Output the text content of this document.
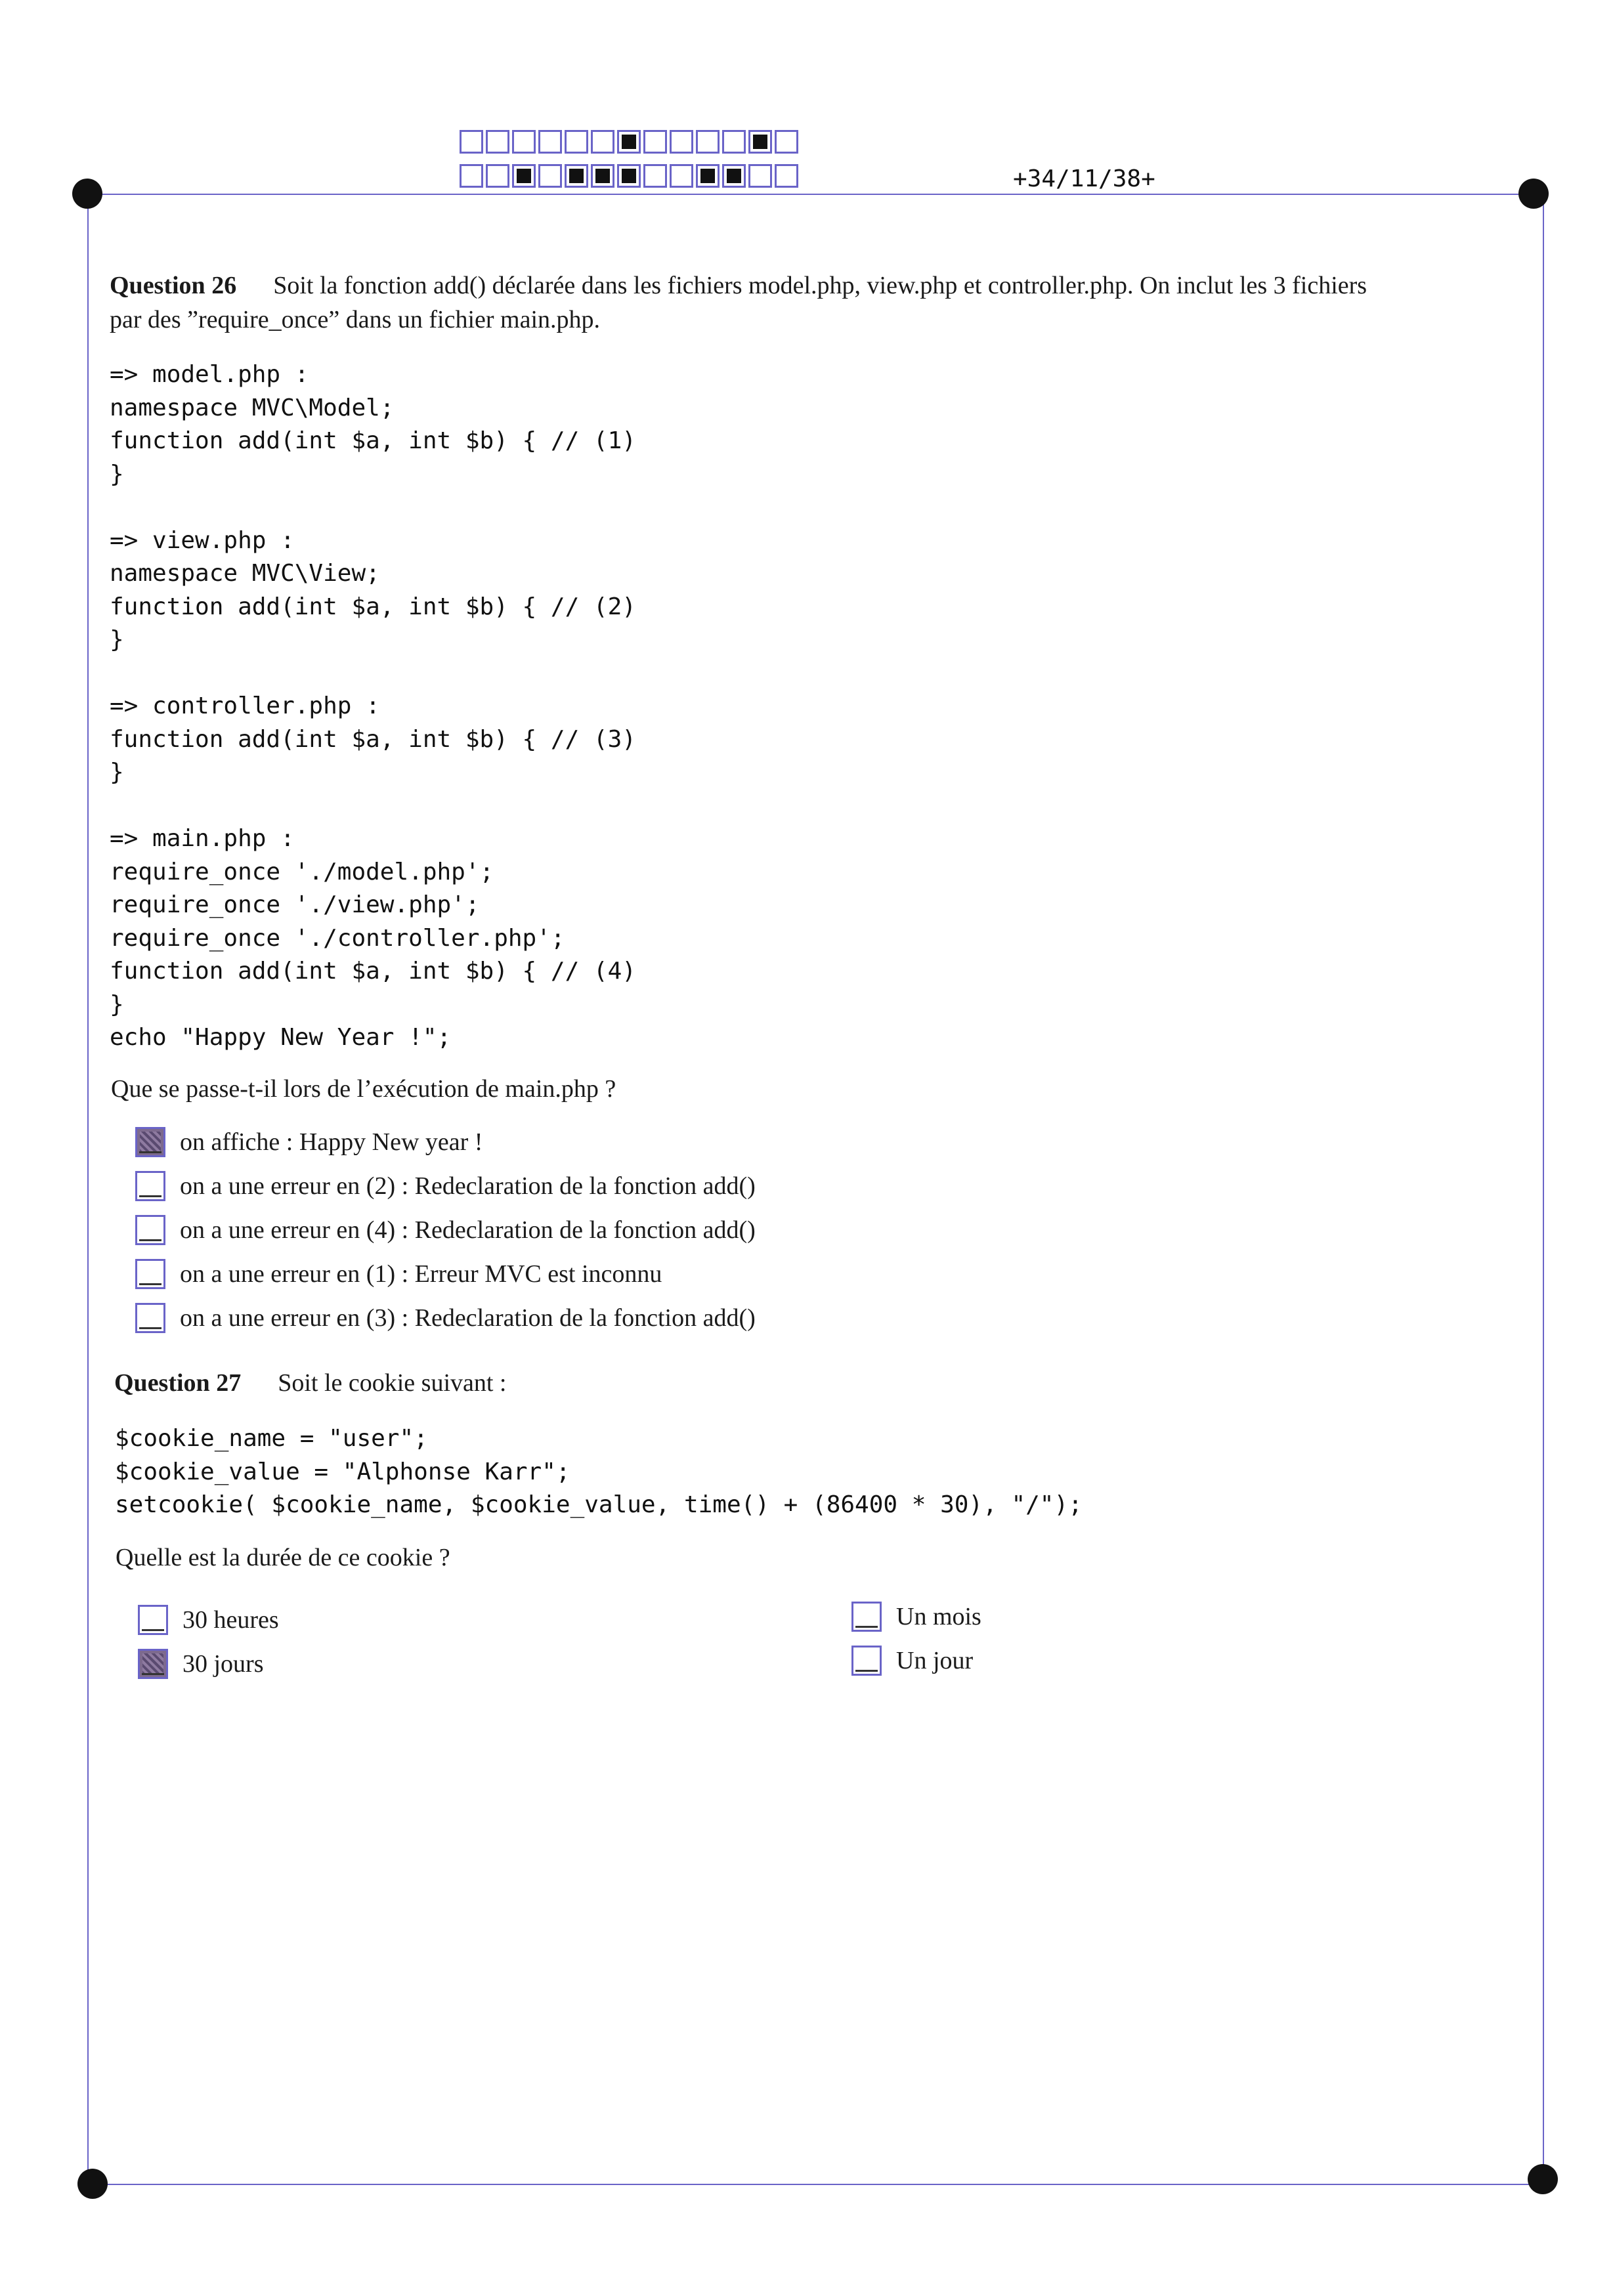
+34/11/38+
Question 26 Soit la fonction add() déclarée dans les fichiers model.php, view.php et controller.php. On inclut les 3 fichiers
par des ”require_once” dans un fichier main.php.
=> model.php :
namespace MVC\Model;
function add(int $a, int $b) { // (1)
}

=> view.php :
namespace MVC\View;
function add(int $a, int $b) { // (2)
}

=> controller.php :
function add(int $a, int $b) { // (3)
}

=> main.php :
require_once './model.php';
require_once './view.php';
require_once './controller.php';
function add(int $a, int $b) { // (4)
}
echo "Happy New Year !";
Que se passe-t-il lors de l’exécution de main.php ?
on affiche : Happy New year !
on a une erreur en (2) : Redeclaration de la fonction add()
on a une erreur en (4) : Redeclaration de la fonction add()
on a une erreur en (1) : Erreur MVC est inconnu
on a une erreur en (3) : Redeclaration de la fonction add()
Question 27 Soit le cookie suivant :
$cookie_name = "user";
$cookie_value = "Alphonse Karr";
setcookie( $cookie_name, $cookie_value, time() + (86400 * 30), "/");
Quelle est la durée de ce cookie ?
30 heures
30 jours
Un mois
Un jour
